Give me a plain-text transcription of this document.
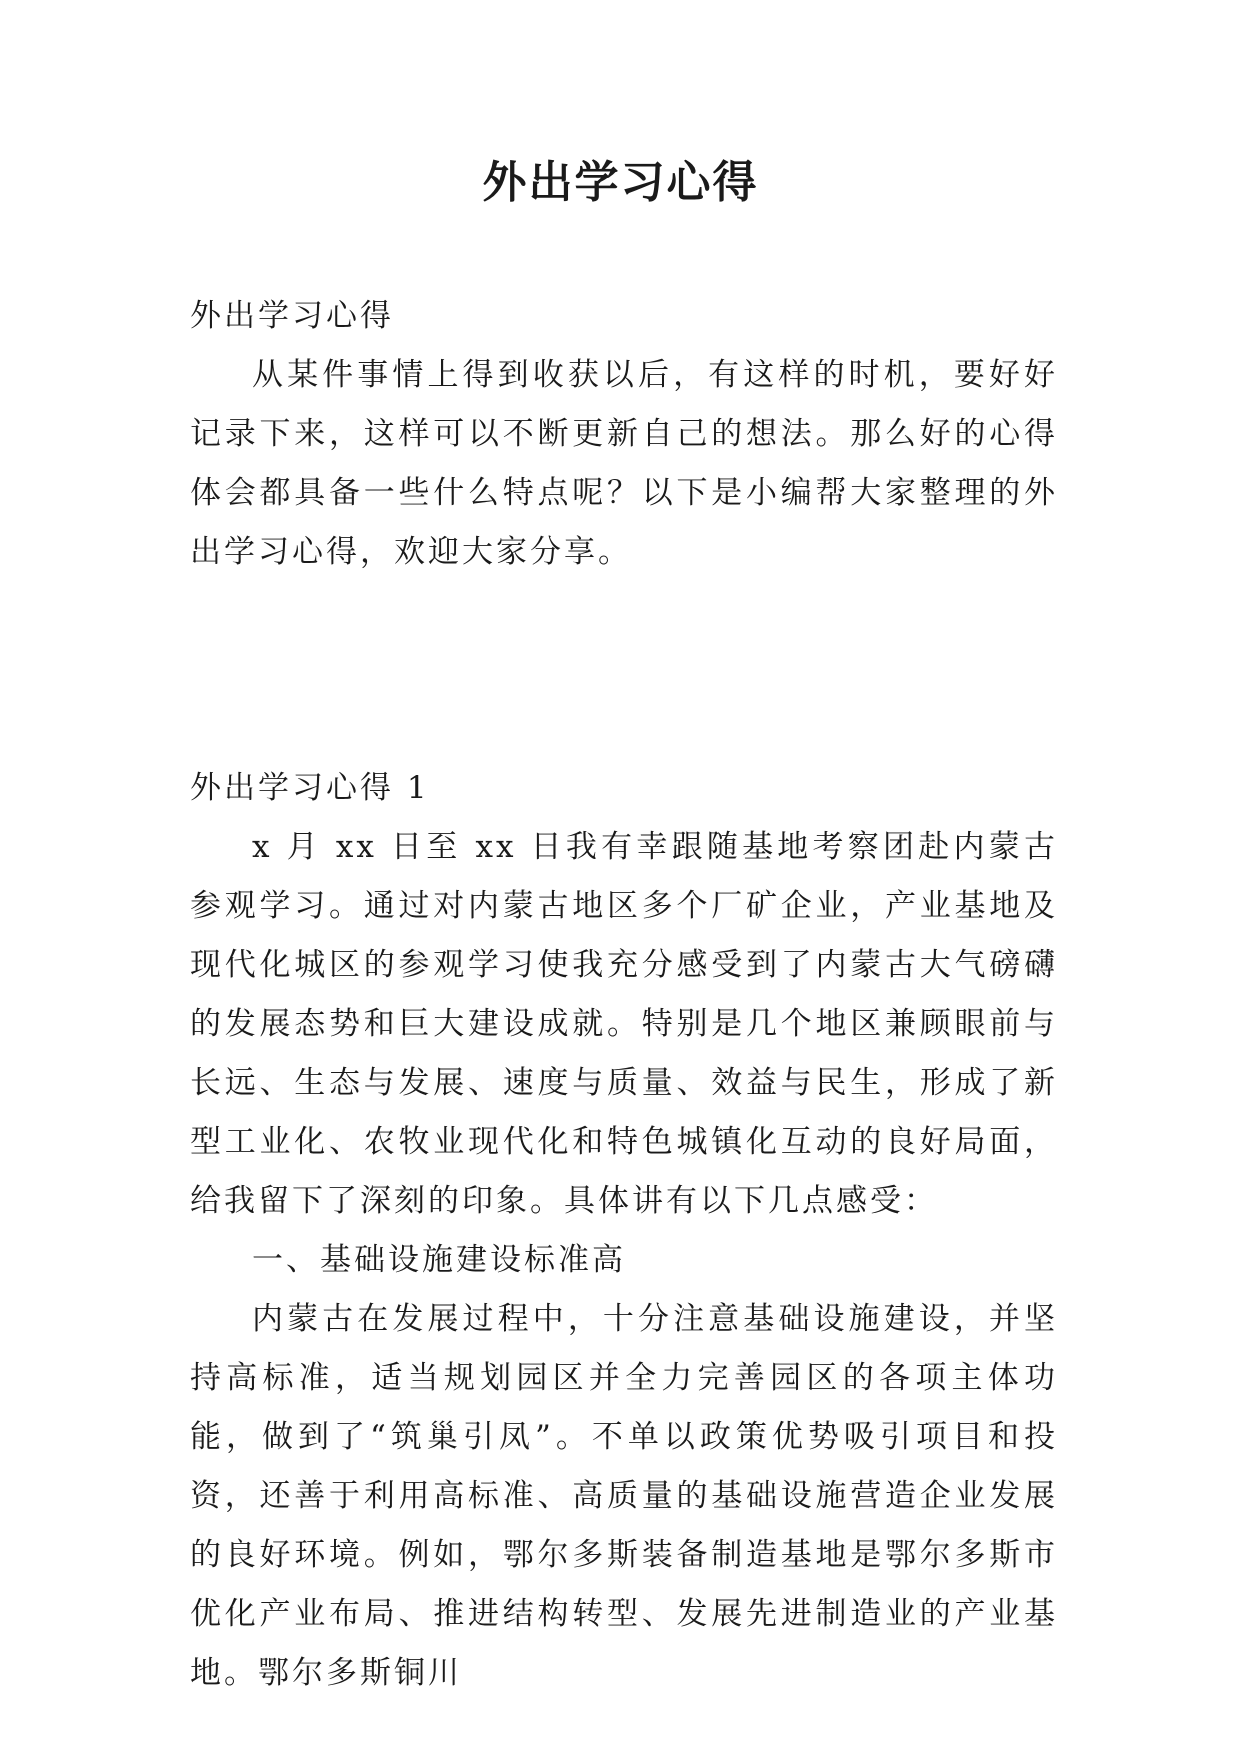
外出学习心得

外出学习心得

从某件事情上得到收获以后，有这样的时机，要好好记录下来，这样可以不断更新自己的想法。那么好的心得体会都具备一些什么特点呢？以下是小编帮大家整理的外出学习心得，欢迎大家分享。

外出学习心得 1

x 月 xx 日至 xx 日我有幸跟随基地考察团赴内蒙古参观学习。通过对内蒙古地区多个厂矿企业，产业基地及现代化城区的参观学习使我充分感受到了内蒙古大气磅礴的发展态势和巨大建设成就。特别是几个地区兼顾眼前与长远、生态与发展、速度与质量、效益与民生，形成了新型工业化、农牧业现代化和特色城镇化互动的良好局面，给我留下了深刻的印象。具体讲有以下几点感受：

一、基础设施建设标准高

内蒙古在发展过程中，十分注意基础设施建设，并坚持高标准，适当规划园区并全力完善园区的各项主体功能，做到了“筑巢引凤”。不单以政策优势吸引项目和投资，还善于利用高标准、高质量的基础设施营造企业发展的良好环境。例如，鄂尔多斯装备制造基地是鄂尔多斯市优化产业布局、推进结构转型、发展先进制造业的产业基地。鄂尔多斯铜川
